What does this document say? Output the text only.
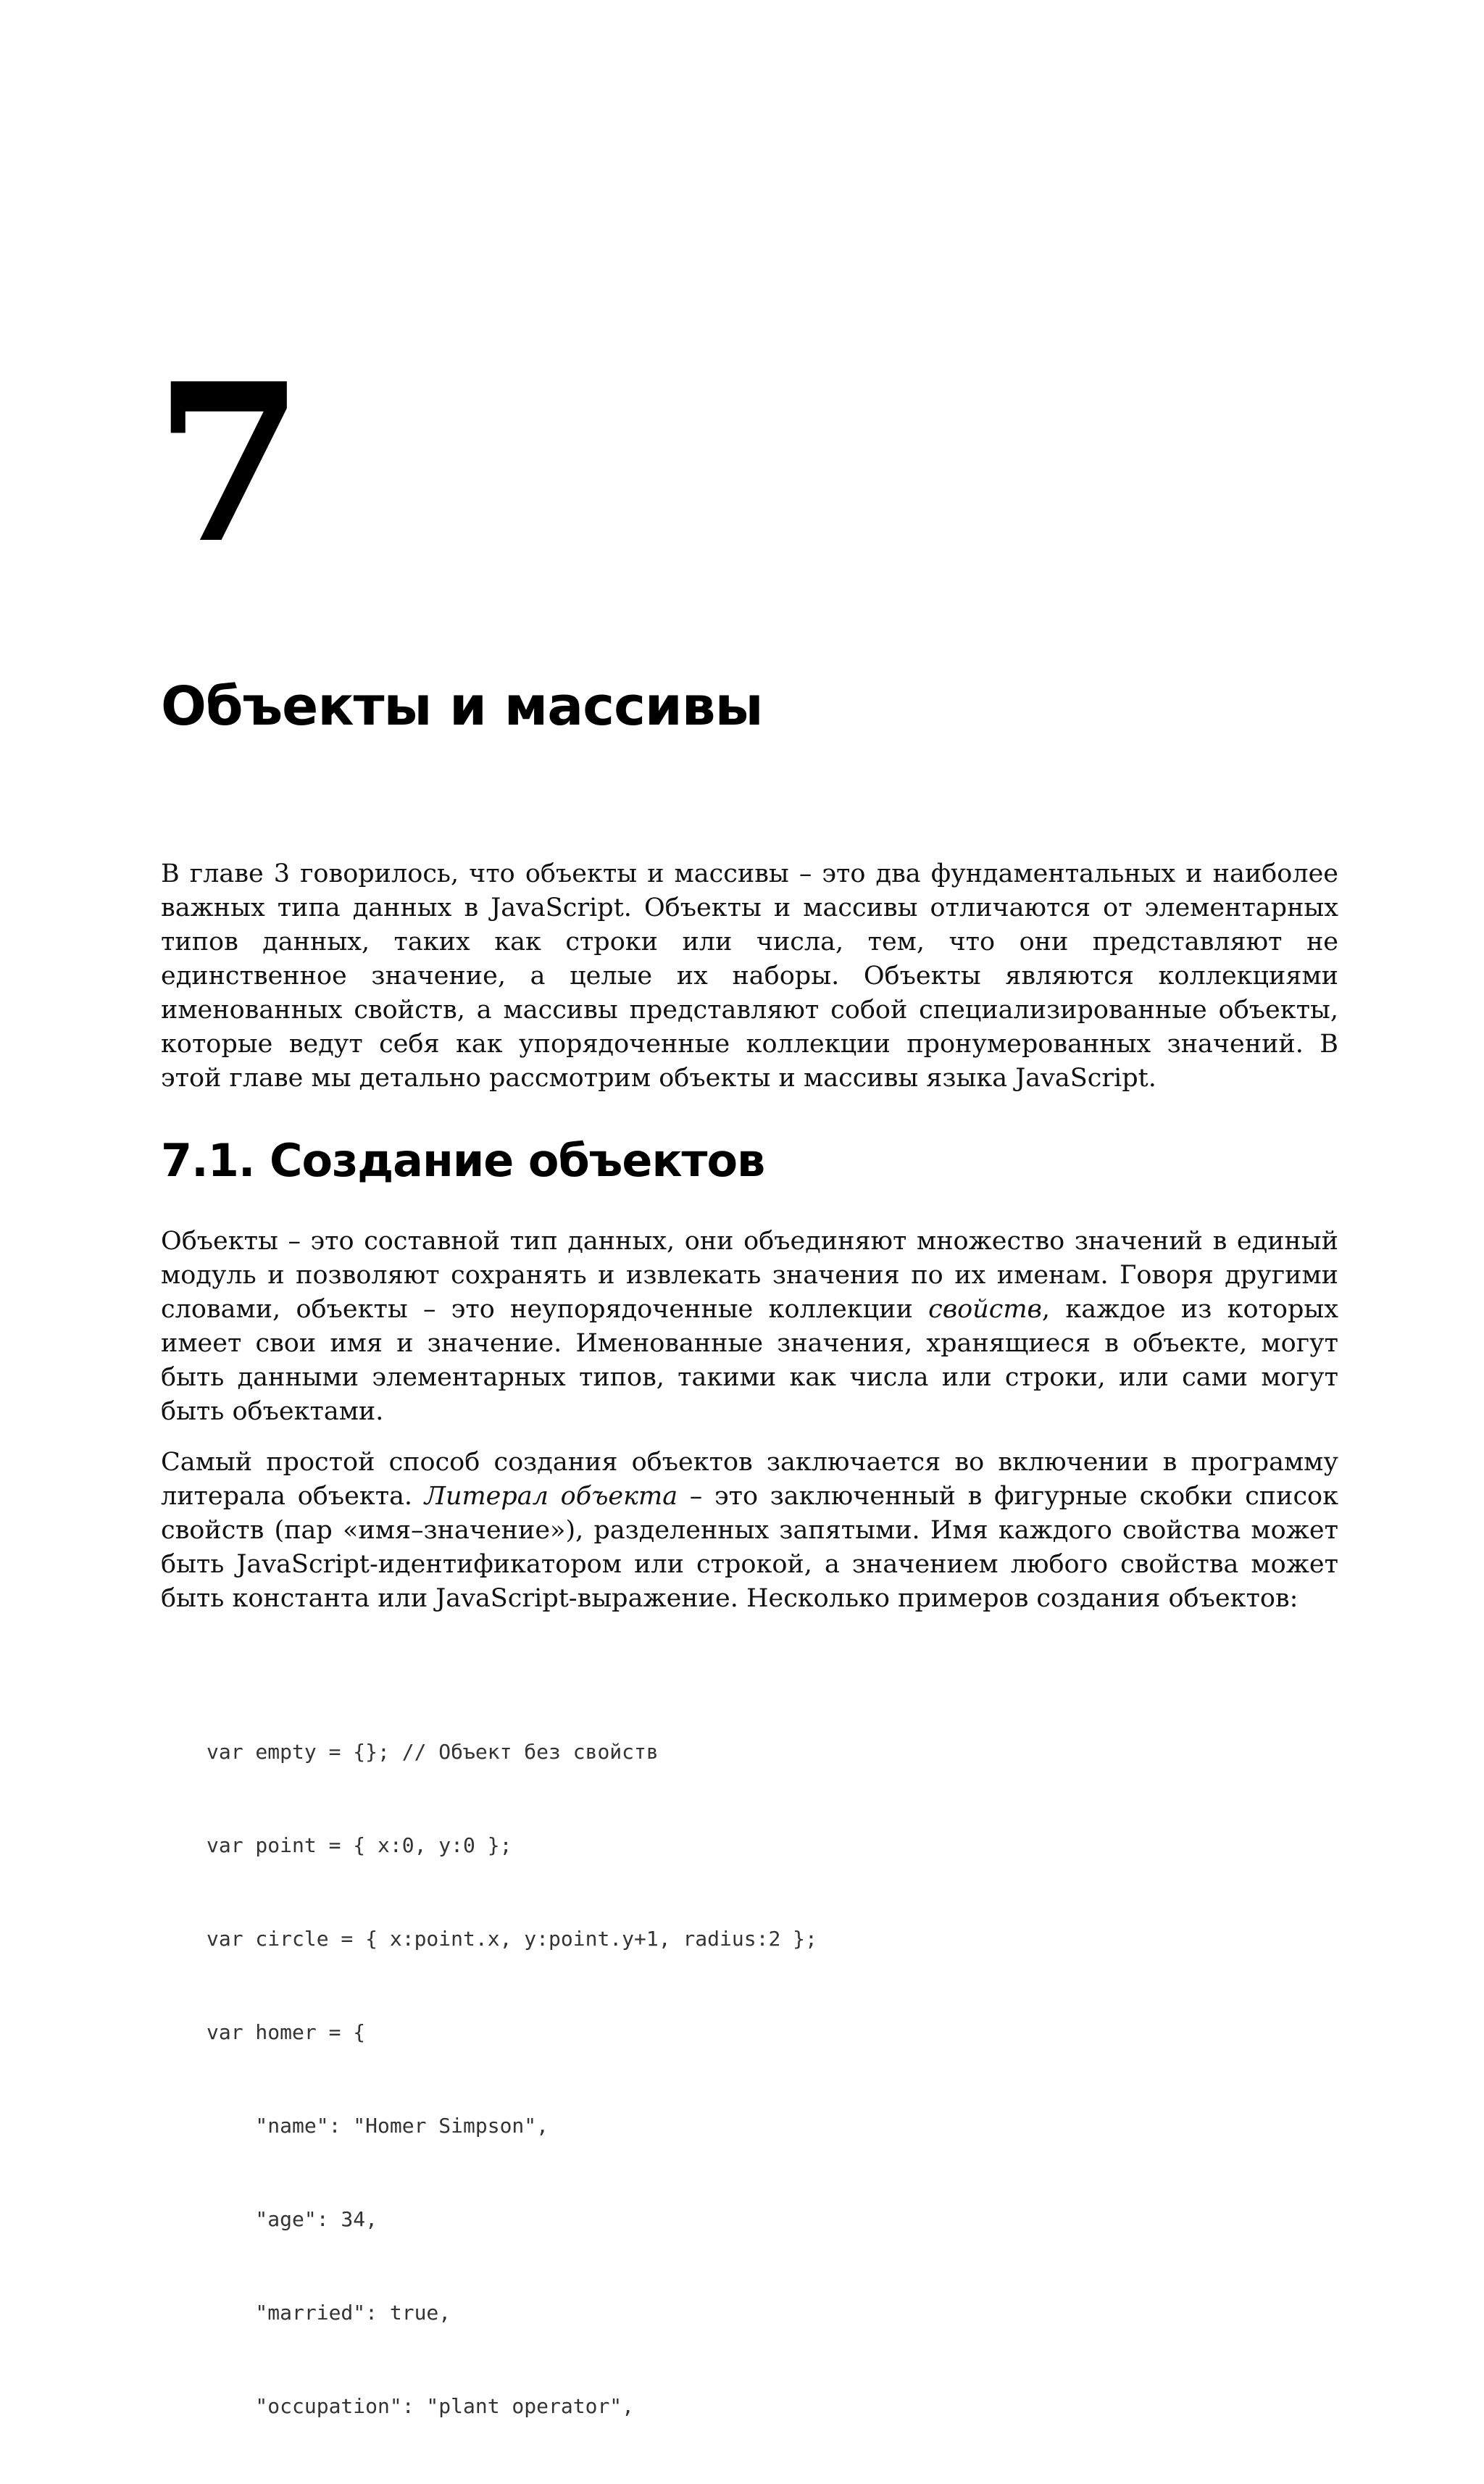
7
Объекты и массивы

В главе 3 говорилось, что объекты и массивы – это два фундаментальных и наиболее важных типа данных в JavaScript. Объекты и массивы отличаются от элементарных типов данных, таких как строки или числа, тем, что они представляют не единственное значение, а целые их наборы. Объекты являются коллекциями именованных свойств, а массивы представляют собой специализированные объекты, которые ведут себя как упорядоченные коллекции пронумерованных значений. В этой главе мы детально рассмотрим объекты и массивы языка JavaScript.

7.1. Создание объектов

Объекты – это составной тип данных, они объединяют множество значений в единый модуль и позволяют сохранять и извлекать значения по их именам. Говоря другими словами, объекты – это неупорядоченные коллекции свойств, каждое из которых имеет свои имя и значение. Именованные значения, хранящиеся в объекте, могут быть данными элементарных типов, такими как числа или строки, или сами могут быть объектами.

Самый простой способ создания объектов заключается во включении в программу литерала объекта. Литерал объекта – это заключенный в фигурные скобки список свойств (пар «имя–значение»), разделенных запятыми. Имя каждого свойства может быть JavaScript-идентификатором или строкой, а значением любого свойства может быть константа или JavaScript-выражение. Несколько примеров создания объектов:

var empty = {}; // Объект без свойств

var point = { x:0, y:0 };

var circle = { x:point.x, y:point.y+1, radius:2 };

var homer = {

"name": "Homer Simpson",

"age": 34,

"married": true,

"occupation": "plant operator",
